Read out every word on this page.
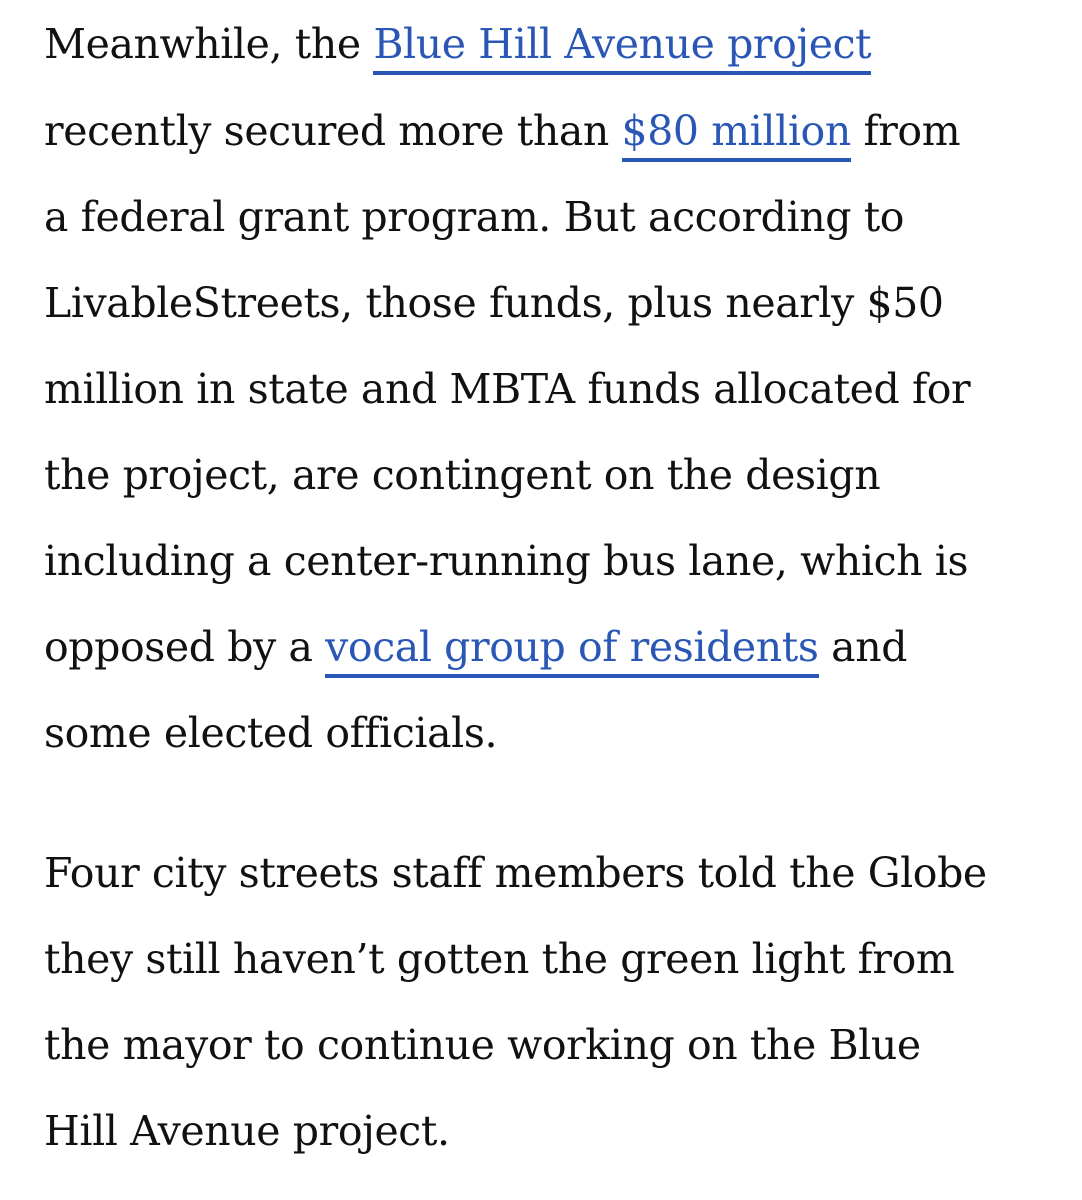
Meanwhile, the Blue Hill Avenue project
recently secured more than $80 million from
a federal grant program. But according to
LivableStreets, those funds, plus nearly $50
million in state and MBTA funds allocated for
the project, are contingent on the design
including a center-running bus lane, which is
opposed by a vocal group of residents and
some elected officials.
Four city streets staff members told the Globe
they still haven’t gotten the green light from
the mayor to continue working on the Blue
Hill Avenue project.
